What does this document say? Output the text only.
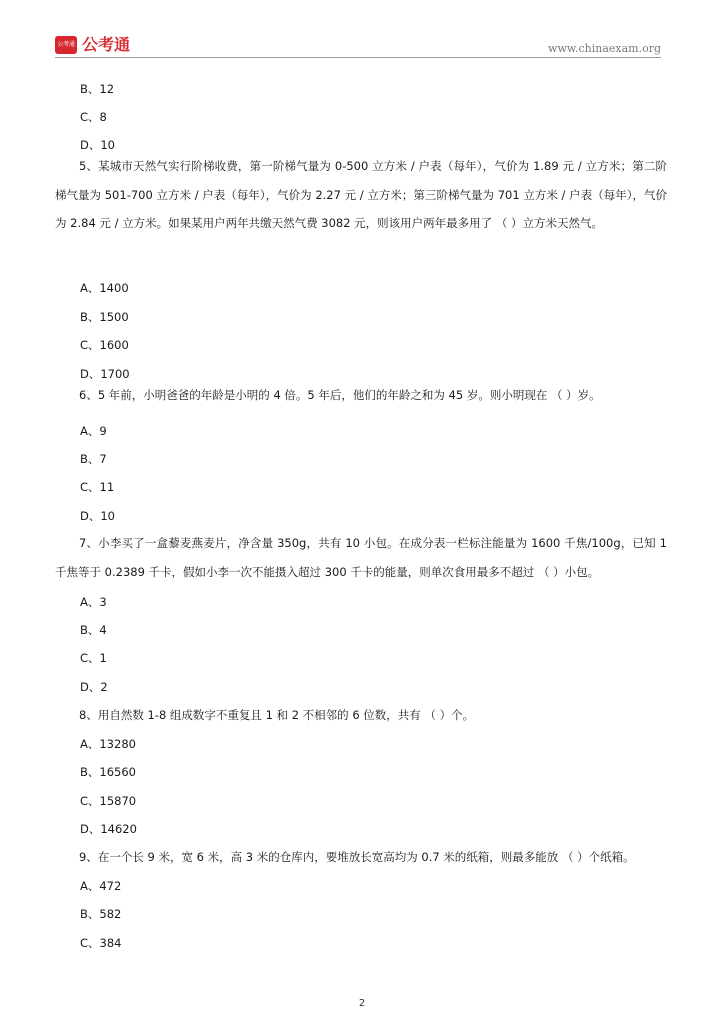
公考通 公考通	www.chinaexam.org
B、12
C、8
D、10
5、某城市天然气实行阶梯收费，第一阶梯气量为 0-500 立方米 / 户表（每年），气价为 1.89 元 / 立方米；第二阶梯气量为 501-700 立方米 / 户表（每年），气价为 2.27 元 / 立方米；第三阶梯气量为 701 立方米 / 户表（每年），气价为 2.84 元 / 立方米。如果某用户两年共缴天然气费 3082 元，则该用户两年最多用了 （ ）立方米天然气。
A、1400
B、1500
C、1600
D、1700
6、5 年前，小明爸爸的年龄是小明的 4 倍。5 年后，他们的年龄之和为 45 岁。则小明现在 （ ）岁。
A、9
B、7
C、11
D、10
7、小李买了一盒藜麦燕麦片，净含量 350g，共有 10 小包。在成分表一栏标注能量为 1600 千焦/100g，已知 1 千焦等于 0.2389 千卡，假如小李一次不能摄入超过 300 千卡的能量，则单次食用最多不超过 （ ）小包。
A、3
B、4
C、1
D、2
8、用自然数 1-8 组成数字不重复且 1 和 2 不相邻的 6 位数，共有 （ ）个。
A、13280
B、16560
C、15870
D、14620
9、在一个长 9 米，宽 6 米，高 3 米的仓库内，要堆放长宽高均为 0.7 米的纸箱，则最多能放 （ ）个纸箱。
A、472
B、582
C、384
2
